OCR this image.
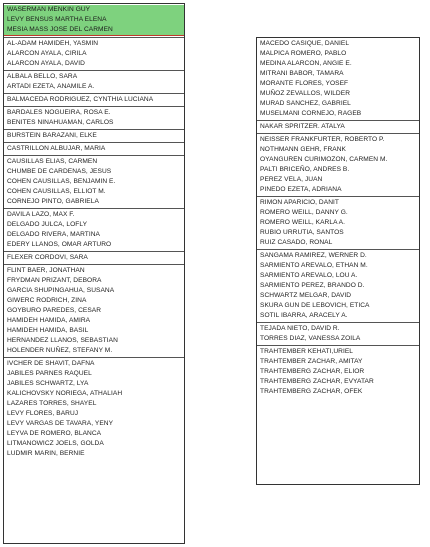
WASERMAN MENKIN GUY
LEVY BENSUS MARTHA ELENA
MESIA MASS JOSE DEL CARMEN
AL-ADAM HAMIDEH, YASMIN
ALARCON AYALA, CIRILA
ALARCON AYALA, DAVID
ALBALA BELLO, SARA
ARTADI EZETA, ANAMILE A.
BALMACEDA RODRIGUEZ, CYNTHIA LUCIANA
BARDALES NOGUEIRA, ROSA E.
BENITES NINAHUAMAN, CARLOS
BURSTEIN BARAZANI, ELKE
CASTRILLON ALBUJAR, MARIA
CAUSILLAS ELIAS, CARMEN
CHUMBE DE CARDENAS, JESUS
COHEN CAUSILLAS, BENJAMIN E.
COHEN CAUSILLAS, ELLIOT M.
CORNEJO PINTO, GABRIELA
DAVILA LAZO, MAX F.
DELGADO JULCA, LOFLY
DELGADO RIVERA, MARTINA
EDERY LLANOS, OMAR ARTURO
FLEXER CORDOVI, SARA
FLINT BAER, JONATHAN
FRYDMAN PRIZANT, DEBORA
GARCIA SHUPINGAHUA, SUSANA
GIWERC RODRICH, ZINA
GOYBURO PAREDES, CESAR
HAMIDEH HAMIDA, AMIRA
HAMIDEH HAMIDA, BASIL
HERNANDEZ LLANOS, SEBASTIAN
HOLENDER NUÑEZ, STEFANY M.
IVCHER DE SHAVIT, DAFNA
JABILES PARNES RAQUEL
JABILES SCHWARTZ, LYA
KALICHOVSKY NORIEGA, ATHALIAH
LAZARES TORRES, SHAYEL
LEVY FLORES, BARUJ
LEVY VARGAS DE TAVARA, YENY
LEYVA DE ROMERO, BLANCA
LITMANOWICZ JOELS, GOLDA
LUDMIR MARIN, BERNIE
MACEDO CASIQUE, DANIEL
MALPICA ROMERO, PABLO
MEDINA ALARCON, ANGIE E.
MITRANI BABOR, TAMARA
MORANTE FLORES, YOSEF
MUÑOZ ZEVALLOS, WILDER
MURAD SANCHEZ, GABRIEL
MUSELMANI CORNEJO, RAGEB
NAKAR SPRITZER. ATALYA
NEISSER FRANKFURTER, ROBERTO P.
NOTHMANN GEHR, FRANK
OYANGUREN CURIMOZON, CARMEN M.
PALTI BRICEÑO, ANDRES B.
PEREZ VELA, JUAN
PINEDO EZETA, ADRIANA
RIMON APARICIO, DANIT
ROMERO WEILL, DANNY G.
ROMERO WEILL, KARLA A.
RUBIO URRUTIA, SANTOS
RUIZ CASADO, RONAL
SANGAMA RAMIREZ, WERNER D.
SARMIENTO AREVALO, ETHAN M.
SARMIENTO AREVALO, LOU A.
SARMIENTO PEREZ, BRANDO D.
SCHWARTZ MELGAR, DAVID
SKURA GUN DE LEBOVICH, ETICA
SOTIL IBARRA, ARACELY A.
TEJADA NIETO, DAVID R.
TORRES DIAZ, VANESSA ZOILA
TRAHTEMBER KEHATI,URIEL
TRAHTEMBER ZACHAR, AMITAY
TRAHTEMBERG ZACHAR, ELIOR
TRAHTEMBERG ZACHAR, EVYATAR
TRAHTEMBERG ZACHAR, OFEK
